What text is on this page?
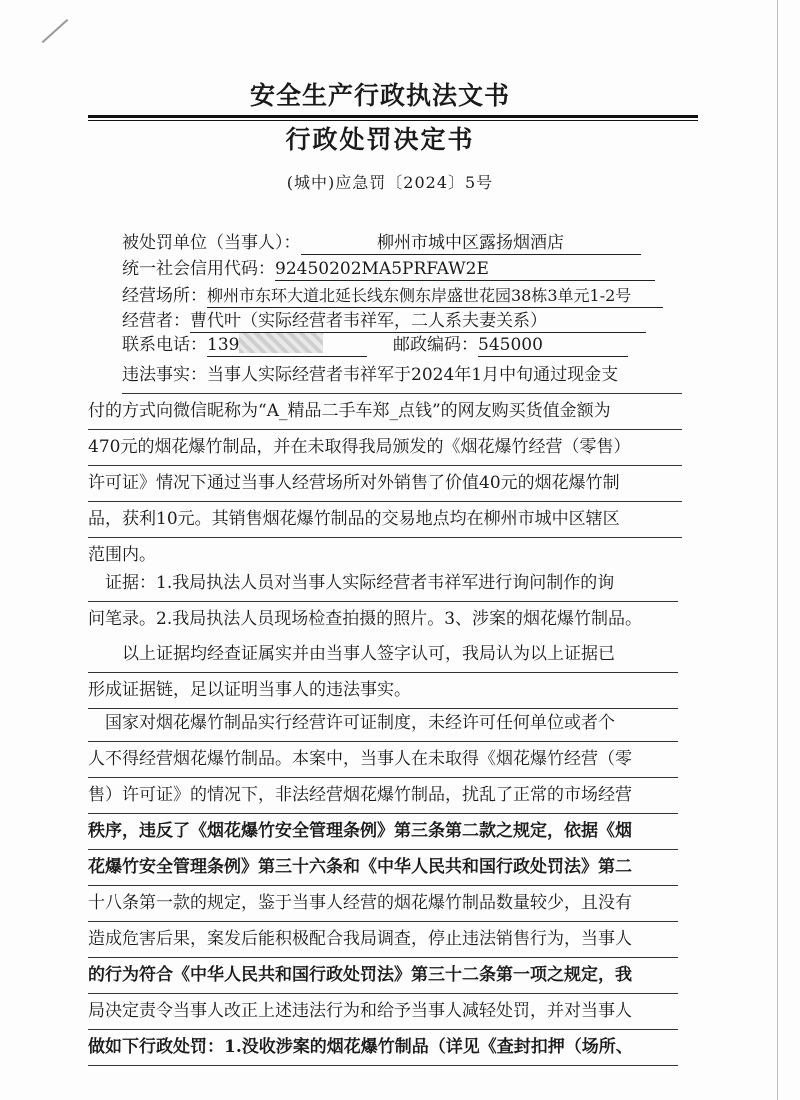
安全生产行政执法文书
行政处罚决定书
(城中)应急罚〔2024〕5号
被处罚单位（当事人）：	柳州市城中区露扬烟酒店
统一社会信用代码：92450202MA5PRFAW2E
经营场所：柳州市东环大道北延长线东侧东岸盛世花园38栋3单元1-2号
经营者：曹代叶（实际经营者韦祥军，二人系夫妻关系）
联系电话：139	邮政编码：545000
违法事实：当事人实际经营者韦祥军于2024年1月中旬通过现金支
付的方式向微信昵称为“A_精品二手车郑_点钱”的网友购买货值金额为
470元的烟花爆竹制品，并在未取得我局颁发的《烟花爆竹经营（零售）
许可证》情况下通过当事人经营场所对外销售了价值40元的烟花爆竹制
品，获利10元。其销售烟花爆竹制品的交易地点均在柳州市城中区辖区
范围内。
　证据：1.我局执法人员对当事人实际经营者韦祥军进行询问制作的询
问笔录。2.我局执法人员现场检查拍摄的照片。3、涉案的烟花爆竹制品。
　　以上证据均经查证属实并由当事人签字认可，我局认为以上证据已
形成证据链，足以证明当事人的违法事实。
　国家对烟花爆竹制品实行经营许可证制度，未经许可任何单位或者个
人不得经营烟花爆竹制品。本案中，当事人在未取得《烟花爆竹经营（零
售）许可证》的情况下，非法经营烟花爆竹制品，扰乱了正常的市场经营
秩序，违反了《烟花爆竹安全管理条例》第三条第二款之规定，依据《烟
花爆竹安全管理条例》第三十六条和《中华人民共和国行政处罚法》第二
十八条第一款的规定，鉴于当事人经营的烟花爆竹制品数量较少，且没有
造成危害后果，案发后能积极配合我局调查，停止违法销售行为，当事人
的行为符合《中华人民共和国行政处罚法》第三十二条第一项之规定，我
局决定责令当事人改正上述违法行为和给予当事人减轻处罚，并对当事人
做如下行政处罚：1.没收涉案的烟花爆竹制品（详见《查封扣押（场所、
